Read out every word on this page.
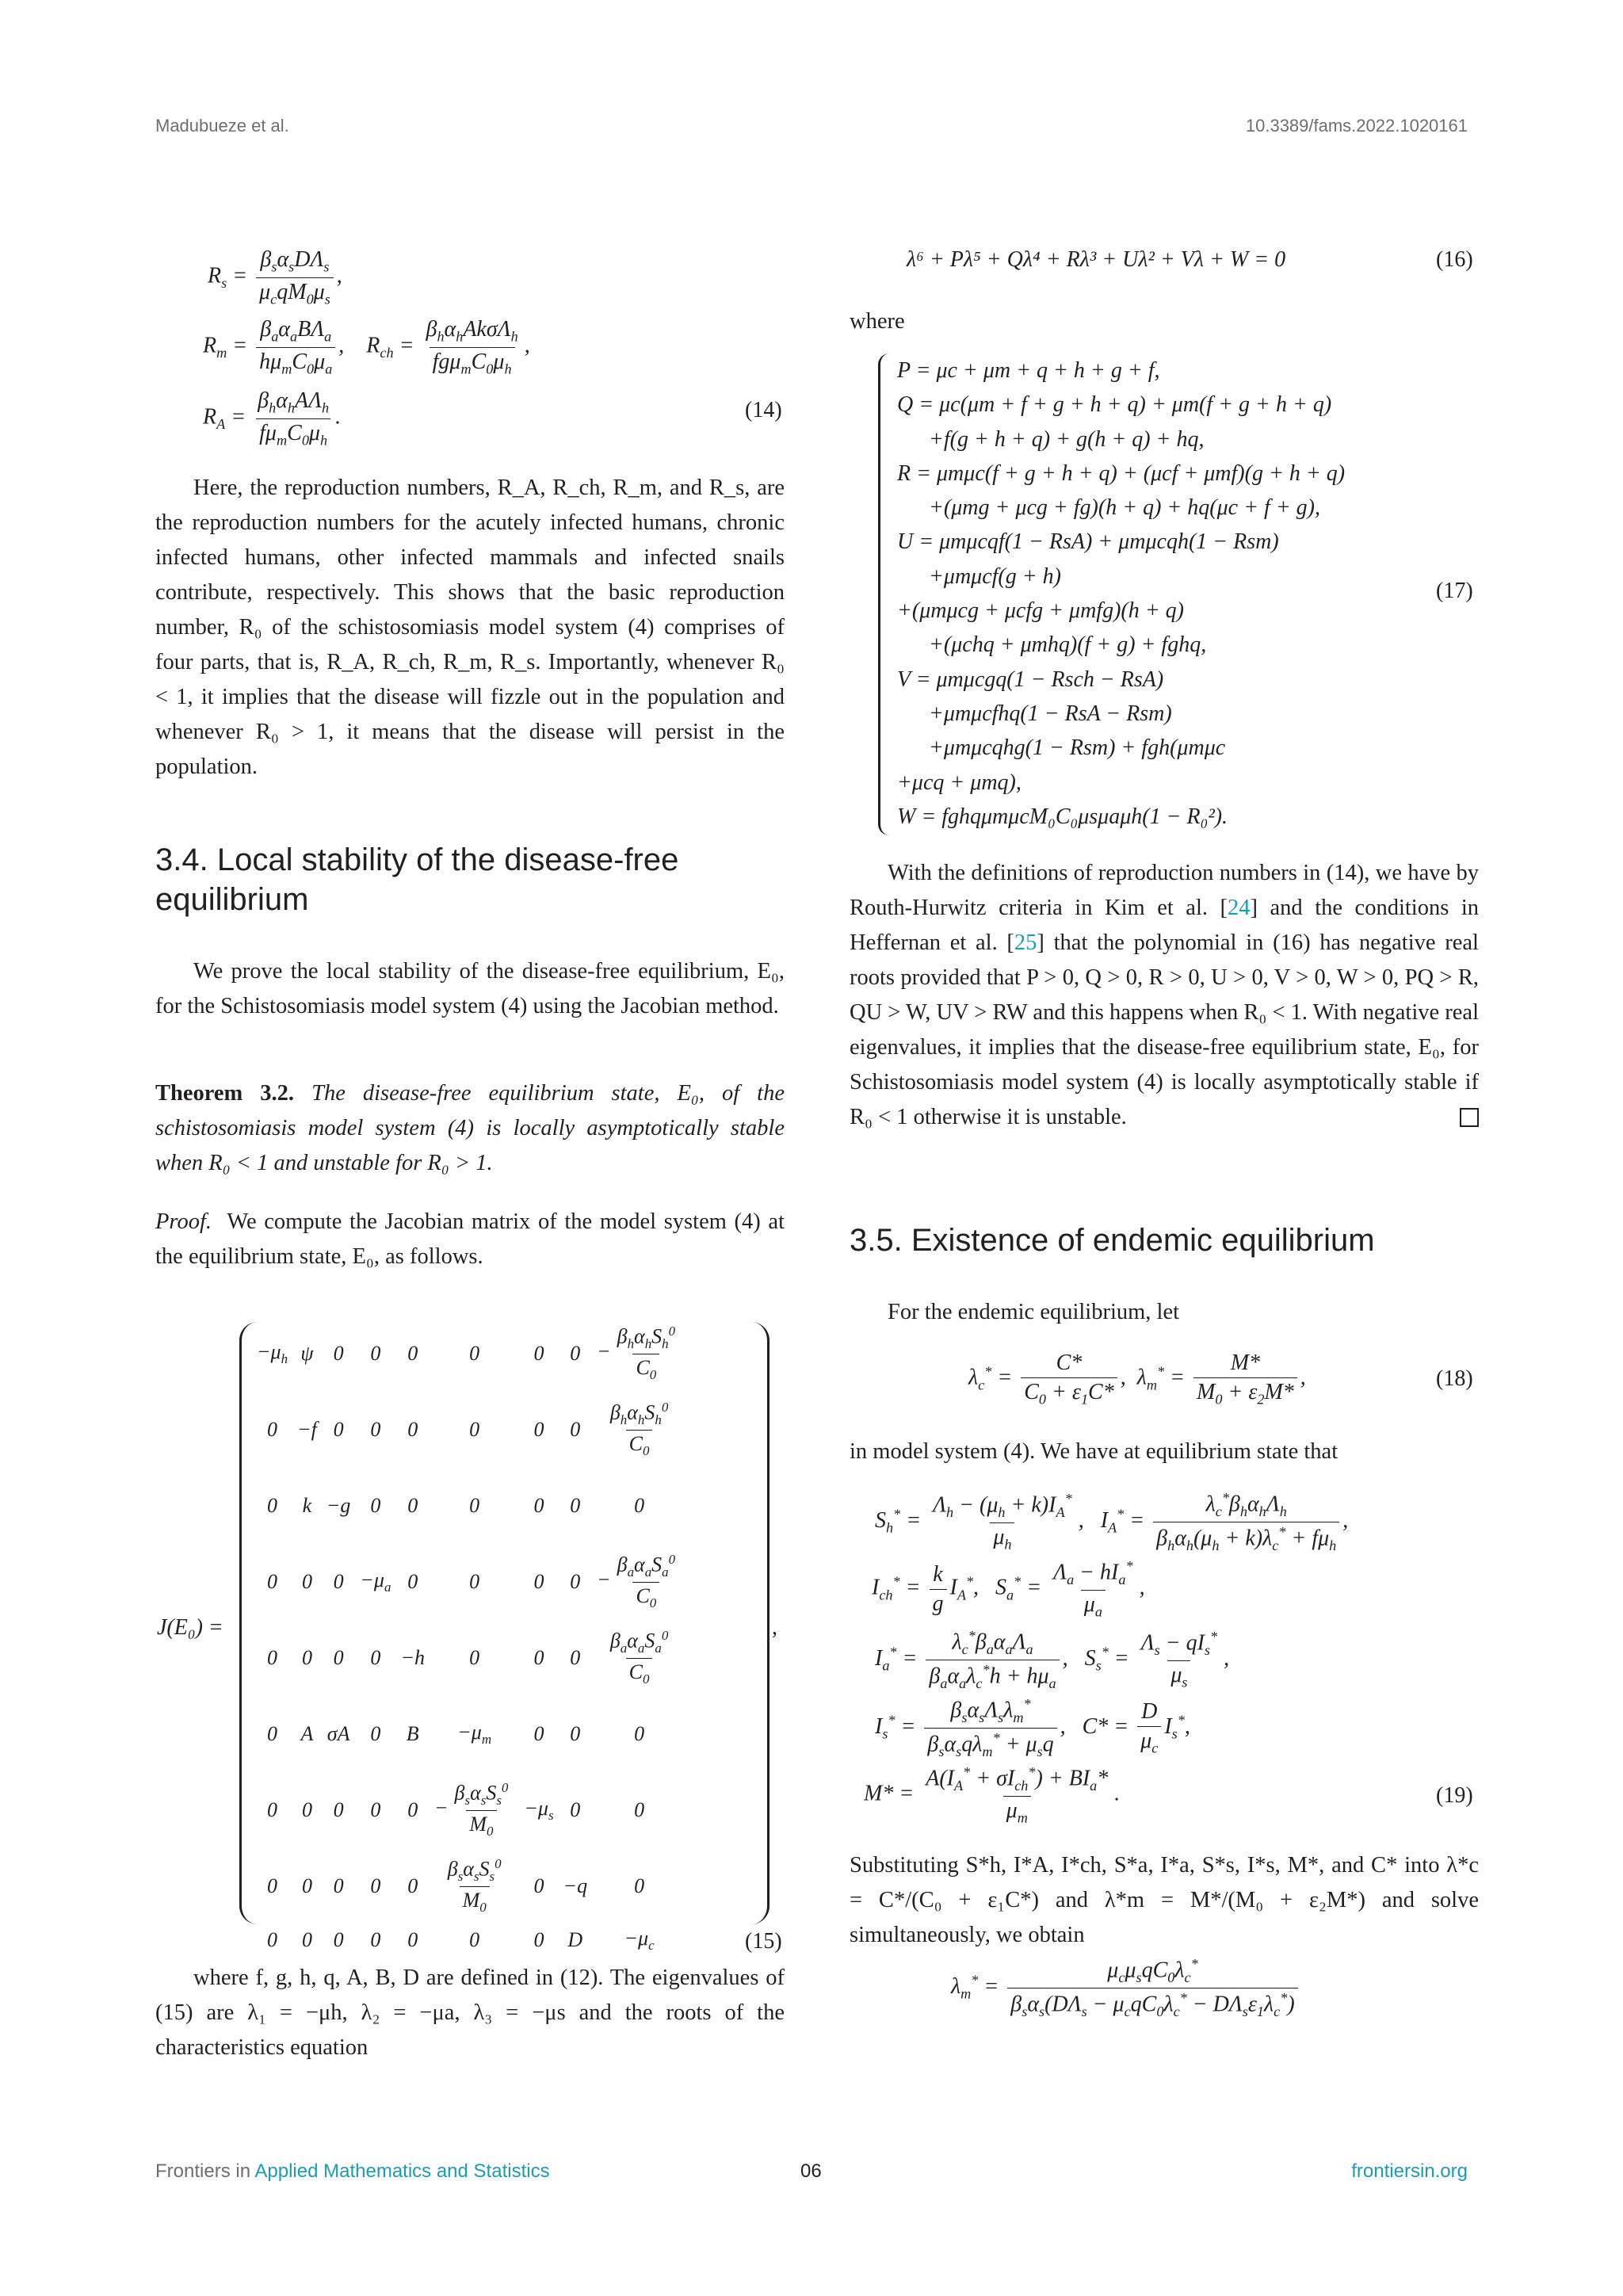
Madubueze et al.	10.3389/fams.2022.1020161
$R_s = \frac{\beta_s\alpha_sD\Lambda_s}{\mu_cqM_0\mu_s}$ ,
$R_m = \frac{\beta_a\alpha_aB\Lambda_a}{h\mu_mC_0\mu_a}$ ,    $R_{ch} = \frac{\beta_h\alpha_hAk\sigma\Lambda_h}{fg\mu_mC_0\mu_h}$ ,
$R_A = \frac{\beta_h\alpha_hA\Lambda_h}{f\mu_mC_0\mu_h}$ .	(14)

Here, the reproduction numbers, R_A, R_ch, R_m, and R_s, are the reproduction numbers for the acutely infected humans, chronic infected humans, other infected mammals and infected snails contribute, respectively. This shows that the basic reproduction number, R₀ of the schistosomiasis model system (4) comprises of four parts, that is, R_A, R_ch, R_m, R_s. Importantly, whenever R₀ < 1, it implies that the disease will fizzle out in the population and whenever R₀ > 1, it means that the disease will persist in the population.

3.4. Local stability of the disease-free equilibrium

We prove the local stability of the disease-free equilibrium, E₀, for the Schistosomiasis model system (4) using the Jacobian method.

Theorem 3.2. The disease-free equilibrium state, E₀, of the schistosomiasis model system (4) is locally asymptotically stable when R₀ < 1 and unstable for R₀ > 1.

Proof. We compute the Jacobian matrix of the model system (4) at the equilibrium state, E₀, as follows.

J(E₀) =
$-\mu_h$	ψ	0	0	0	0	0	0	− $\frac{\beta_h\alpha_hS_h^0}{C_0}$

0	−f	0	0	0	0	0	0	$\frac{\beta_h\alpha_hS_h^0}{C_0}$

0	k	−g	0	0	0	0	0	0
0	0	0	$-\mu_a$	0	0	0	0	− $\frac{\beta_a\alpha_aS_a^0}{C_0}$

0	0	0	0	−h	0	0	0	$\frac{\beta_a\alpha_aS_a^0}{C_0}$

0	A	σA	0	B	$-\mu_m$	0	0	0
0	0	0	0	0	− $\frac{\beta_s\alpha_sS_s^0}{M_0}$	$-\mu_s$	0	0
0	0	0	0	0	$\frac{\beta_s\alpha_sS_s^0}{M_0}$	0	−q	0
0	0	0	0	0	0	0	D	$-\mu_c$
,
(15)

where f, g, h, q, A, B, D are defined in (12). The eigenvalues of (15) are λ₁ = −μh, λ₂ = −μa, λ₃ = −μs and the roots of the characteristics equation

λ⁶ + Pλ⁵ + Qλ⁴ + Rλ³ + Uλ² + Vλ + W = 0	(16)

where

P = μc + μm + q + h + g + f,
Q = μc(μm + f + g + h + q) + μm(f + g + h + q)
+f(g + h + q) + g(h + q) + hq,
R = μmμc(f + g + h + q) + (μcf + μmf)(g + h + q)
+(μmg + μcg + fg)(h + q) + hq(μc + f + g),
U = μmμcqf(1 − RsA) + μmμcqh(1 − Rsm)
+μmμcf(g + h)
+(μmμcg + μcfg + μmfg)(h + q)
+(μchq + μmhq)(f + g) + fghq,
V = μmμcgq(1 − Rsch − RsA)
+μmμcfhq(1 − RsA − Rsm)
+μmμcqhg(1 − Rsm) + fgh(μmμc
+μcq + μmq),
W = fghqμmμcM₀C₀μsμaμh(1 − R₀²).
(17)

With the definitions of reproduction numbers in (14), we have by Routh-Hurwitz criteria in Kim et al. [24] and the conditions in Heffernan et al. [25] that the polynomial in (16) has negative real roots provided that P > 0, Q > 0, R > 0, U > 0, V > 0, W > 0, PQ > R, QU > W, UV > RW and this happens when R₀ < 1. With negative real eigenvalues, it implies that the disease-free equilibrium state, E₀, for Schistosomiasis model system (4) is locally asymptotically stable if R₀ < 1 otherwise it is unstable.

3.5. Existence of endemic equilibrium

For the endemic equilibrium, let

$\lambda_c^* = \frac{C*}{C_0 + \varepsilon_1C*}$ ,  $\lambda_m^* = \frac{M*}{M_0 + \varepsilon_2M*}$ ,	(18)

in model system (4). We have at equilibrium state that

$S_h^* = \frac{\Lambda_h - (\mu_h + k)I_A^*}{\mu_h}$ ,   $I_A^* = \frac{\lambda_c^*\beta_h\alpha_h\Lambda_h}{\beta_h\alpha_h(\mu_h + k)\lambda_c^* + f\mu_h}$ ,
$I_{ch}^* = \frac{k}{g} I_A^*$,   $S_a^* = \frac{\Lambda_a - hI_a^*}{\mu_a}$ ,
$I_a^* = \frac{\lambda_c^*\beta_a\alpha_a\Lambda_a}{\beta_a\alpha_a\lambda_c^*h + h\mu_a}$ ,   $S_s^* = \frac{\Lambda_s - qI_s^*}{\mu_s}$ ,
$I_s^* = \frac{\beta_s\alpha_s\Lambda_s\lambda_m^*}{\beta_s\alpha_sq\lambda_m^* + \mu_sq}$ ,   $C* = \frac{D}{\mu_c} I_s^*$,
$M* = \frac{A(I_A^* + \sigma I_{ch}^*) + BI_a*}{\mu_m}$ .	(19)

Substituting S*h, I*A, I*ch, S*a, I*a, S*s, I*s, M*, and C* into λ*c = C*/(C₀ + ε₁C*) and λ*m = M*/(M₀ + ε₂M*) and solve simultaneously, we obtain

$\lambda_m^* = \frac{\mu_c\mu_sqC_0\lambda_c^*}{\beta_s\alpha_s(D\Lambda_s - \mu_cqC_0\lambda_c^* - D\Lambda_s\varepsilon_1\lambda_c^*)}$
Frontiers in Applied Mathematics and Statistics	06	frontiersin.org
